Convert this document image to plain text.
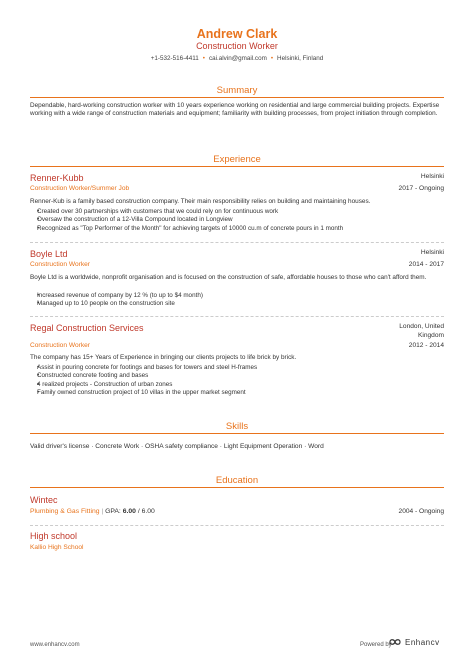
Andrew Clark
Construction Worker
+1-532-516-4411 • cai.alvin@gmail.com • Helsinki, Finland
Summary
Dependable, hard-working construction worker with 10 years experience working on residential and large commercial building projects. Expertise working with a wide range of construction materials and equipment; familiarity with building processes, from project initiation through completion.
Experience
Renner-Kubb	Helsinki
Construction Worker/Summer Job	2017 - Ongoing
Renner-Kub is a family based construction company. Their main responsibility relies on building and maintaining houses.
• Created over 30 partnerships with customers that we could rely on for continuous work
• Oversaw the construction of a 12-Villa Compound located in Longview
• Recognized as "Top Performer of the Month" for achieving targets of 10000 cu.m of concrete pours in 1 month
Boyle Ltd	Helsinki
Construction Worker	2014 - 2017
Boyle Ltd is a worldwide, nonprofit organisation and is focused on the construction of safe, affordable houses to those who can't afford them.
• Increased revenue of company by 12 % (to up to $4 month)
• Managed up to 10 people on the construction site
Regal Construction Services	London, United Kingdom
Construction Worker	2012 - 2014
The company has 15+ Years of Experience in bringing our clients projects to life brick by brick.
• Assist in pouring concrete for footings and bases for towers and steel H-frames
• Constructed concrete footing and bases
• 4 realized projects - Construction of urban zones
• Family owned construction project of 10 villas in the upper market segment
Skills
Valid driver's license · Concrete Work · OSHA safety compliance · Light Equipment Operation · Word
Education
Wintec
Plumbing & Gas Fitting | GPA: 6.00 / 6.00	2004 - Ongoing
High school
Kallio High School
www.enhancv.com	Powered by Enhancv
